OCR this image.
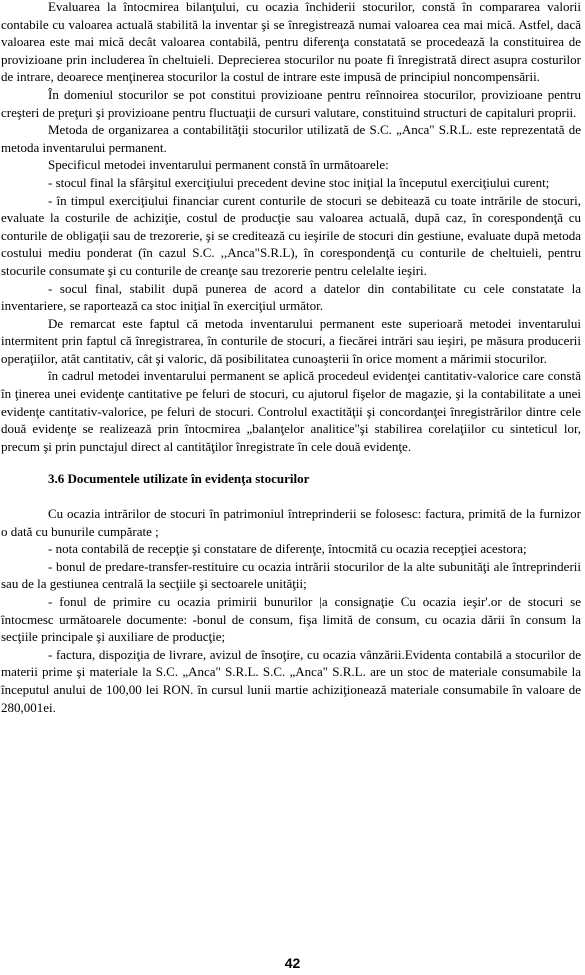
Evaluarea la întocmirea bilanţului, cu ocazia închiderii stocurilor, constă în compararea valorii contabile cu valoarea actuală stabilită la inventar şi se înregistrează numai valoarea cea mai mică. Astfel, dacă valoarea este mai mică decât valoarea contabilă, pentru diferenţa constatată se procedează la constituirea de provizioane prin includerea în cheltuieli. Deprecierea stocurilor nu poate fi înregistrată direct asupra costurilor de intrare, deoarece menţinerea stocurilor la costul de intrare este impusă de principiul noncompensării.

În domeniul stocurilor se pot constitui provizioane pentru reînnoirea stocurilor, provizioane pentru creşteri de preţuri şi provizioane pentru fluctuaţii de cursuri valutare, constituind structuri de capitaluri proprii.

Metoda de organizarea a contabilităţii stocurilor utilizată de S.C. „Anca" S.R.L. este reprezentată de metoda inventarului permanent.

Specificul metodei inventarului permanent constă în următoarele:

- stocul final la sfârşitul exerciţiului precedent devine stoc iniţial la începutul exerciţiului curent;

- în timpul exerciţiului financiar curent conturile de stocuri se debitează cu toate intrările de stocuri, evaluate la costurile de achiziţie, costul de producţie sau valoarea actuală, după caz, în corespondenţă cu conturile de obligaţii sau de trezorerie, şi se creditează cu ieşirile de stocuri din gestiune, evaluate după metoda costului mediu ponderat (în cazul S.C. ,,Anca"S.R.L), în corespondenţă cu conturile de cheltuieli, pentru stocurile consumate şi cu conturile de creanţe sau trezorerie pentru celelalte ieşiri.

- socul final, stabilit după punerea de acord a datelor din contabilitate cu cele constatate la inventariere, se raportează ca stoc iniţial în exerciţiul următor.

De remarcat este faptul că metoda inventarului permanent este superioară metodei inventarului intermitent prin faptul că înregistrarea, în conturile de stocuri, a fiecărei intrări sau ieşiri, pe măsura producerii operaţiilor, atât cantitativ, cât şi valoric, dă posibilitatea cunoaşterii în orice moment a mărimii stocurilor.

în cadrul metodei inventarului permanent se aplică procedeul evidenţei cantitativ-valorice care constă în ţinerea unei evidenţe cantitative pe feluri de stocuri, cu ajutorul fişelor de magazie, şi la contabilitate a unei evidenţe cantitativ-valorice, pe feluri de stocuri. Controlul exactităţii şi concordanţei înregistrărilor dintre cele două evidenţe se realizează prin întocmirea „balanţelor analitice"şi stabilirea corelaţiilor cu sinteticul lor, precum şi prin punctajul direct al cantităţilor înregistrate în cele două evidenţe.

3.6 Documentele utilizate în evidenţa stocurilor

Cu ocazia intrărilor de stocuri în patrimoniul întreprinderii se folosesc: factura, primită de la furnizor o dată cu bunurile cumpărate ;

- nota contabilă de recepţie şi constatare de diferenţe, întocmită cu ocazia recepţiei acestora;

- bonul de predare-transfer-restituire cu ocazia intrării stocurilor de la alte subunităţi ale întreprinderii sau de la gestiunea centrală la secţiile şi sectoarele unităţii;

- fonul de primire cu ocazia primirii bunurilor |a consignaţie Cu ocazia ieşir'.or de stocuri se întocmesc următoarele documente: -bonul de consum, fişa limită de consum, cu ocazia dării în consum la secţiile principale şi auxiliare de producţie;

- factura, dispoziţia de livrare, avizul de însoţire, cu ocazia vânzării.Evidenta contabilă a stocurilor de materii prime şi materiale la S.C. „Anca" S.R.L. S.C. „Anca" S.R.L. are un stoc de materiale consumabile la începutul anului de 100,00 lei RON. în cursul lunii martie achiziţionează materiale consumabile în valoare de 280,001ei.

42
